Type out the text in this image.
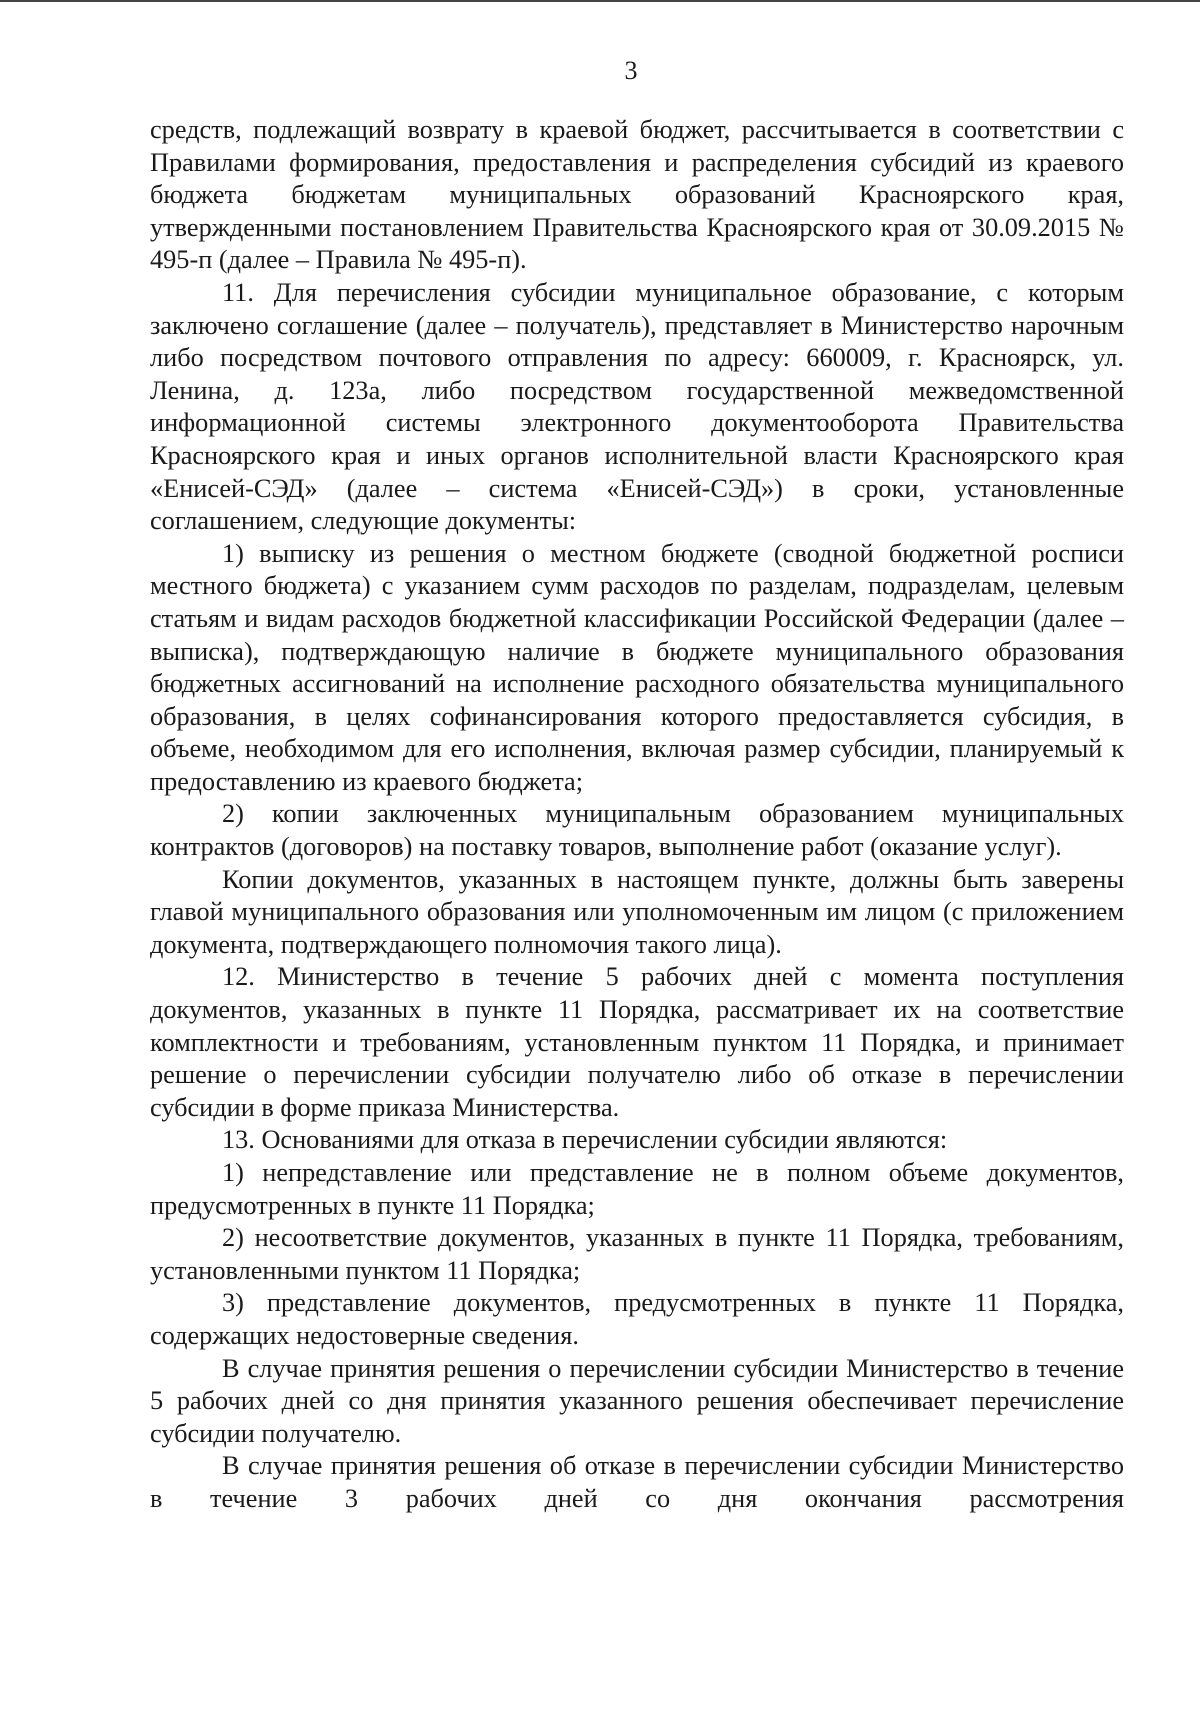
3

средств, подлежащий возврату в краевой бюджет, рассчитывается в соответствии с Правилами формирования, предоставления и распределения субсидий из краевого бюджета бюджетам муниципальных образований Красноярского края, утвержденными постановлением Правительства Красноярского края от 30.09.2015 № 495-п (далее – Правила № 495-п).

11. Для перечисления субсидии муниципальное образование, с которым заключено соглашение (далее – получатель), представляет в Министерство нарочным либо посредством почтового отправления по адресу: 660009, г. Красноярск, ул. Ленина, д. 123а, либо посредством государственной межведомственной информационной системы электронного документооборота Правительства Красноярского края и иных органов исполнительной власти Красноярского края «Енисей-СЭД» (далее – система «Енисей-СЭД») в сроки, установленные соглашением, следующие документы:

1) выписку из решения о местном бюджете (сводной бюджетной росписи местного бюджета) с указанием сумм расходов по разделам, подразделам, целевым статьям и видам расходов бюджетной классификации Российской Федерации (далее – выписка), подтверждающую наличие в бюджете муниципального образования бюджетных ассигнований на исполнение расходного обязательства муниципального образования, в целях софинансирования которого предоставляется субсидия, в объеме, необходимом для его исполнения, включая размер субсидии, планируемый к предоставлению из краевого бюджета;

2) копии заключенных муниципальным образованием муниципальных контрактов (договоров) на поставку товаров, выполнение работ (оказание услуг).

Копии документов, указанных в настоящем пункте, должны быть заверены главой муниципального образования или уполномоченным им лицом (с приложением документа, подтверждающего полномочия такого лица).

12. Министерство в течение 5 рабочих дней с момента поступления документов, указанных в пункте 11 Порядка, рассматривает их на соответствие комплектности и требованиям, установленным пунктом 11 Порядка, и принимает решение о перечислении субсидии получателю либо об отказе в перечислении субсидии в форме приказа Министерства.

13. Основаниями для отказа в перечислении субсидии являются:

1) непредставление или представление не в полном объеме документов, предусмотренных в пункте 11 Порядка;

2) несоответствие документов, указанных в пункте 11 Порядка, требованиям, установленными пунктом 11 Порядка;

3) представление документов, предусмотренных в пункте 11 Порядка, содержащих недостоверные сведения.

В случае принятия решения о перечислении субсидии Министерство в течение 5 рабочих дней со дня принятия указанного решения обеспечивает перечисление субсидии получателю.

В случае принятия решения об отказе в перечислении субсидии Министерство в течение 3 рабочих дней со дня окончания рассмотрения
